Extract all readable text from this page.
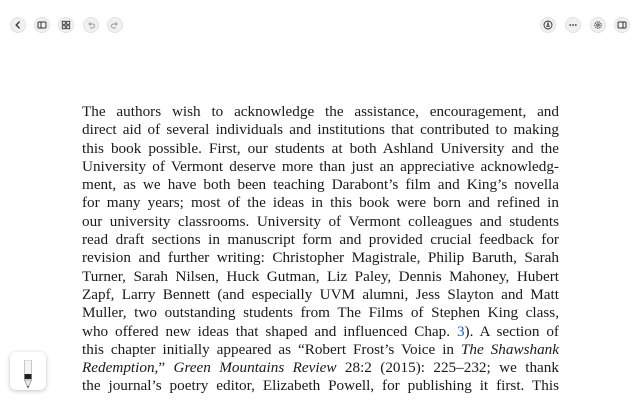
The authors wish to acknowledge the assistance, encouragement, and

direct aid of several individuals and institutions that contributed to making

this book possible. First, our students at both Ashland University and the

University of Vermont deserve more than just an appreciative acknowledg-

ment, as we have both been teaching Darabont’s film and King’s novella

for many years; most of the ideas in this book were born and refined in

our university classrooms. University of Vermont colleagues and students

read draft sections in manuscript form and provided crucial feedback for

revision and further writing: Christopher Magistrale, Philip Baruth, Sarah

Turner, Sarah Nilsen, Huck Gutman, Liz Paley, Dennis Mahoney, Hubert

Zapf, Larry Bennett (and especially UVM alumni, Jess Slayton and Matt

Muller, two outstanding students from The Films of Stephen King class,

who offered new ideas that shaped and influenced Chap. 3). A section of

this chapter initially appeared as “Robert Frost’s Voice in The Shawshank

Redemption,” Green Mountains Review 28:2 (2015): 225–232; we thank

the journal’s poetry editor, Elizabeth Powell, for publishing it first. This
